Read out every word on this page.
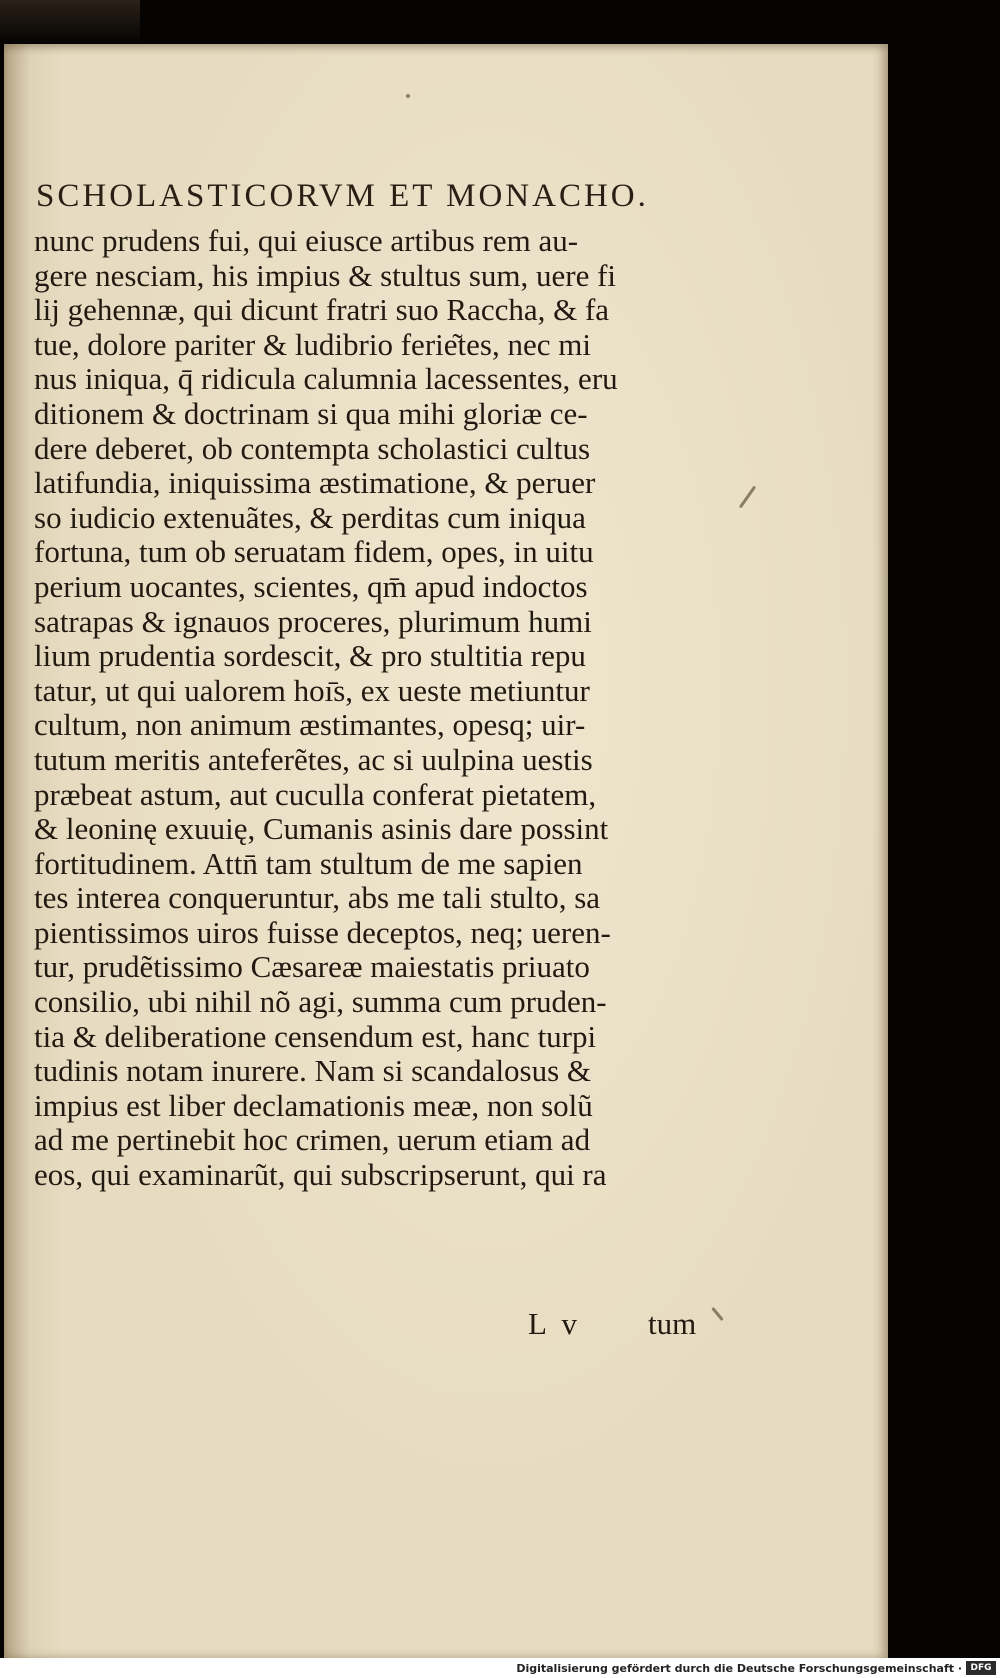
SCHOLASTICORVM ET MONACHO.
nunc prudens fui, qui eiusce artibus rem au-
gere nesciam, his impius & stultus sum, uere fi
lij gehennæ, qui dicunt fratri suo Raccha, & fa
tue, dolore pariter & ludibrio ferie͂tes, nec mi
nus iniqua, q̄ ridicula calumnia lacessentes, eru
ditionem & doctrinam si qua mihi gloriæ ce-
dere deberet, ob contempta scholastici cultus
latifundia, iniquissima æstimatione, & peruer
so iudicio extenuãtes, & perditas cum iniqua
fortuna, tum ob seruatam fidem, opes, in uitu
perium uocantes, scientes, qm̄ apud indoctos
satrapas & ignauos proceres, plurimum humi
lium prudentia sordescit, & pro stultitia repu
tatur, ut qui ualorem hoı̄s, ex ueste metiuntur
cultum, non animum æstimantes, opesq; uir-
tutum meritis anteferẽtes, ac si uulpina uestis
præbeat astum, aut cuculla conferat pietatem,
& leoninę exuuię, Cumanis asinis dare possint
fortitudinem. Attn̄ tam stultum de me sapien
tes interea conqueruntur, abs me tali stulto, sa
pientissimos uiros fuisse deceptos, neq; ueren-
tur, prudẽtissimo Cæsareæ maiestatis priuato
consilio, ubi nihil nõ agi, summa cum pruden-
tia & deliberatione censendum est, hanc turpi
tudinis notam inurere. Nam si scandalosus &
impius est liber declamationis meæ, non solũ
ad me pertinebit hoc crimen, uerum etiam ad
eos, qui examinarũt, qui subscripserunt, qui ra
L v tum
Digitalisierung gefördert durch die Deutsche Forschungsgemeinschaft · DFG
